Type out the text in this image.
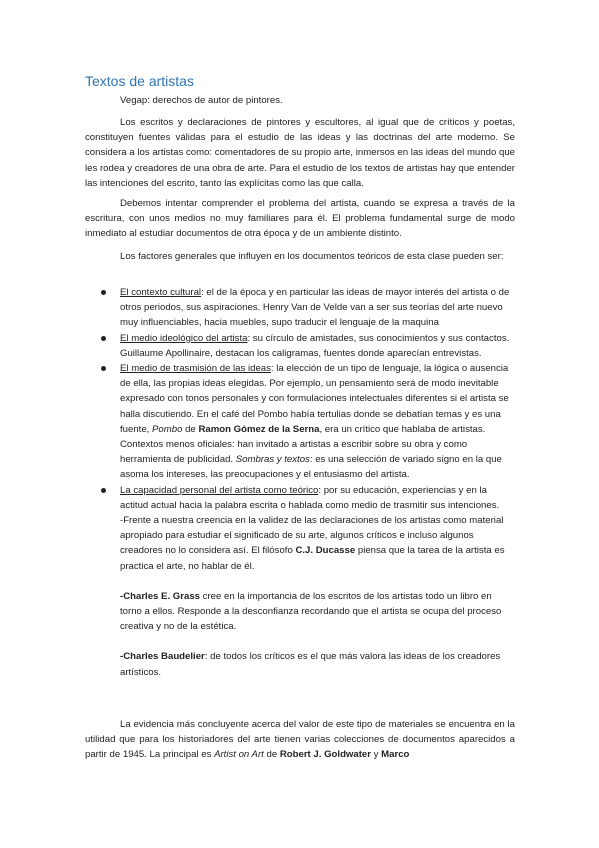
Textos de artistas
Vegap: derechos de autor de pintores.
Los escritos y declaraciones de pintores y escultores, al igual que de críticos y poetas, constituyen fuentes válidas para el estudio de las ideas y las doctrinas del arte moderno. Se considera a los artistas como: comentadores de su propio arte, inmersos en las ideas del mundo que les rodea y creadores de una obra de arte. Para el estudio de los textos de artistas hay que entender las intenciones del escrito, tanto las explícitas como las que calla.
Debemos intentar comprender el problema del artista, cuando se expresa a través de la escritura, con unos medios no muy familiares para él. El problema fundamental surge de modo inmediato al estudiar documentos de otra época y de un ambiente distinto.
Los factores generales que influyen en los documentos teóricos de esta clase pueden ser:
El contexto cultural: el de la época y en particular las ideas de mayor interés del artista o de otros periodos, sus aspiraciones. Henry Van de Velde van a ser sus teorías del arte nuevo muy influenciables, hacia muebles, supo traducir el lenguaje de la maquina
El medio ideológico del artista: su círculo de amistades, sus conocimientos y sus contactos. Guillaume Apollinaire, destacan los caligramas, fuentes donde aparecían entrevistas.
El medio de trasmisión de las ideas: la elección de un tipo de lenguaje, la lógica o ausencia de ella, las propias ideas elegidas. Por ejemplo, un pensamiento será de modo inevitable expresado con tonos personales y con formulaciones intelectuales diferentes si el artista se halla discutiendo. En el café del Pombo había tertulias donde se debatían temas y es una fuente, Pombo de Ramon Gómez de la Serna, era un crítico que hablaba de artistas.
Contextos menos oficiales: han invitado a artistas a escribir sobre su obra y como herramienta de publicidad. Sombras y textos: es una selección de variado signo en la que asoma los intereses, las preocupaciones y el entusiasmo del artista.
La capacidad personal del artista como teórico: por su educación, experiencias y en la actitud actual hacia la palabra escrita o hablada como medio de trasmitir sus intenciones.
-Frente a nuestra creencia en la validez de las declaraciones de los artistas como material apropiado para estudiar el significado de su arte, algunos críticos e incluso algunos creadores no lo considera así. El filósofo C.J. Ducasse piensa que la tarea de la artista es practica el arte, no hablar de él.
-Charles E. Grass cree en la importancia de los escritos de los artistas todo un libro en torno a ellos. Responde a la desconfianza recordando que el artista se ocupa del proceso creativa y no de la estética.
-Charles Baudelier: de todos los críticos es el que más valora las ideas de los creadores artísticos.
La evidencia más concluyente acerca del valor de este tipo de materiales se encuentra en la utilidad que para los historiadores del arte tienen varias colecciones de documentos aparecidos a partir de 1945. La principal es Artist on Art de Robert J. Goldwater y Marco
